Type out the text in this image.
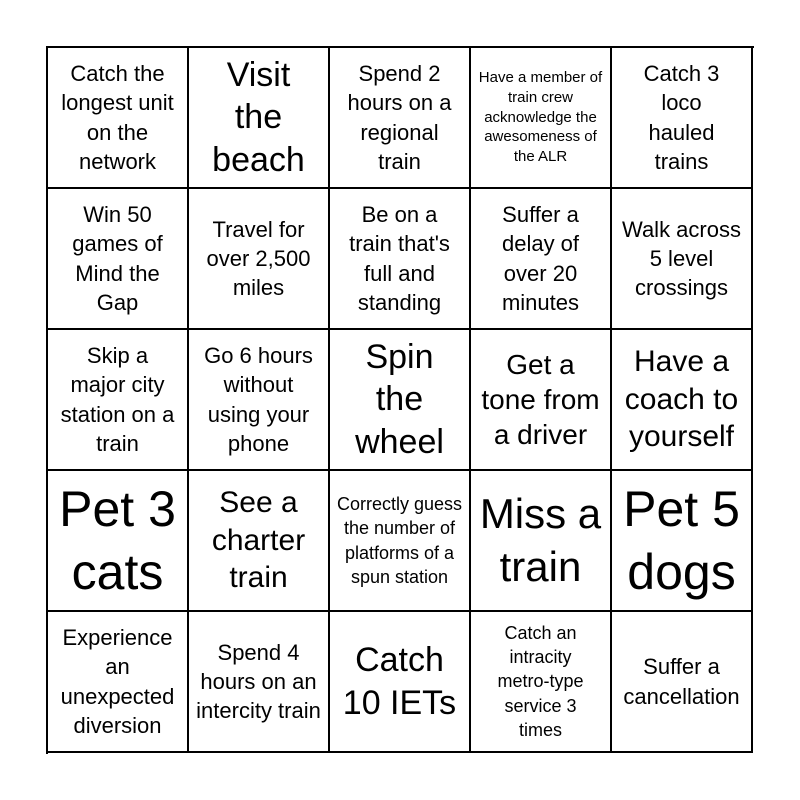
Catch the longest unit on the network
Visit the beach
Spend 2 hours on a regional train
Have a member of train crew acknowledge the awesomeness of the ALR
Catch 3 loco hauled trains
Win 50 games of Mind the Gap
Travel for over 2,500 miles
Be on a train that's full and standing
Suffer a delay of over 20 minutes
Walk across 5 level crossings
Skip a major city station on a train
Go 6 hours without using your phone
Spin the wheel
Get a tone from a driver
Have a coach to yourself
Pet 3 cats
See a charter train
Correctly guess the number of platforms of a spun station
Miss a train
Pet 5 dogs
Experience an unexpected diversion
Spend 4 hours on an intercity train
Catch 10 IETs
Catch an intracity metro-type service 3 times
Suffer a cancellation
